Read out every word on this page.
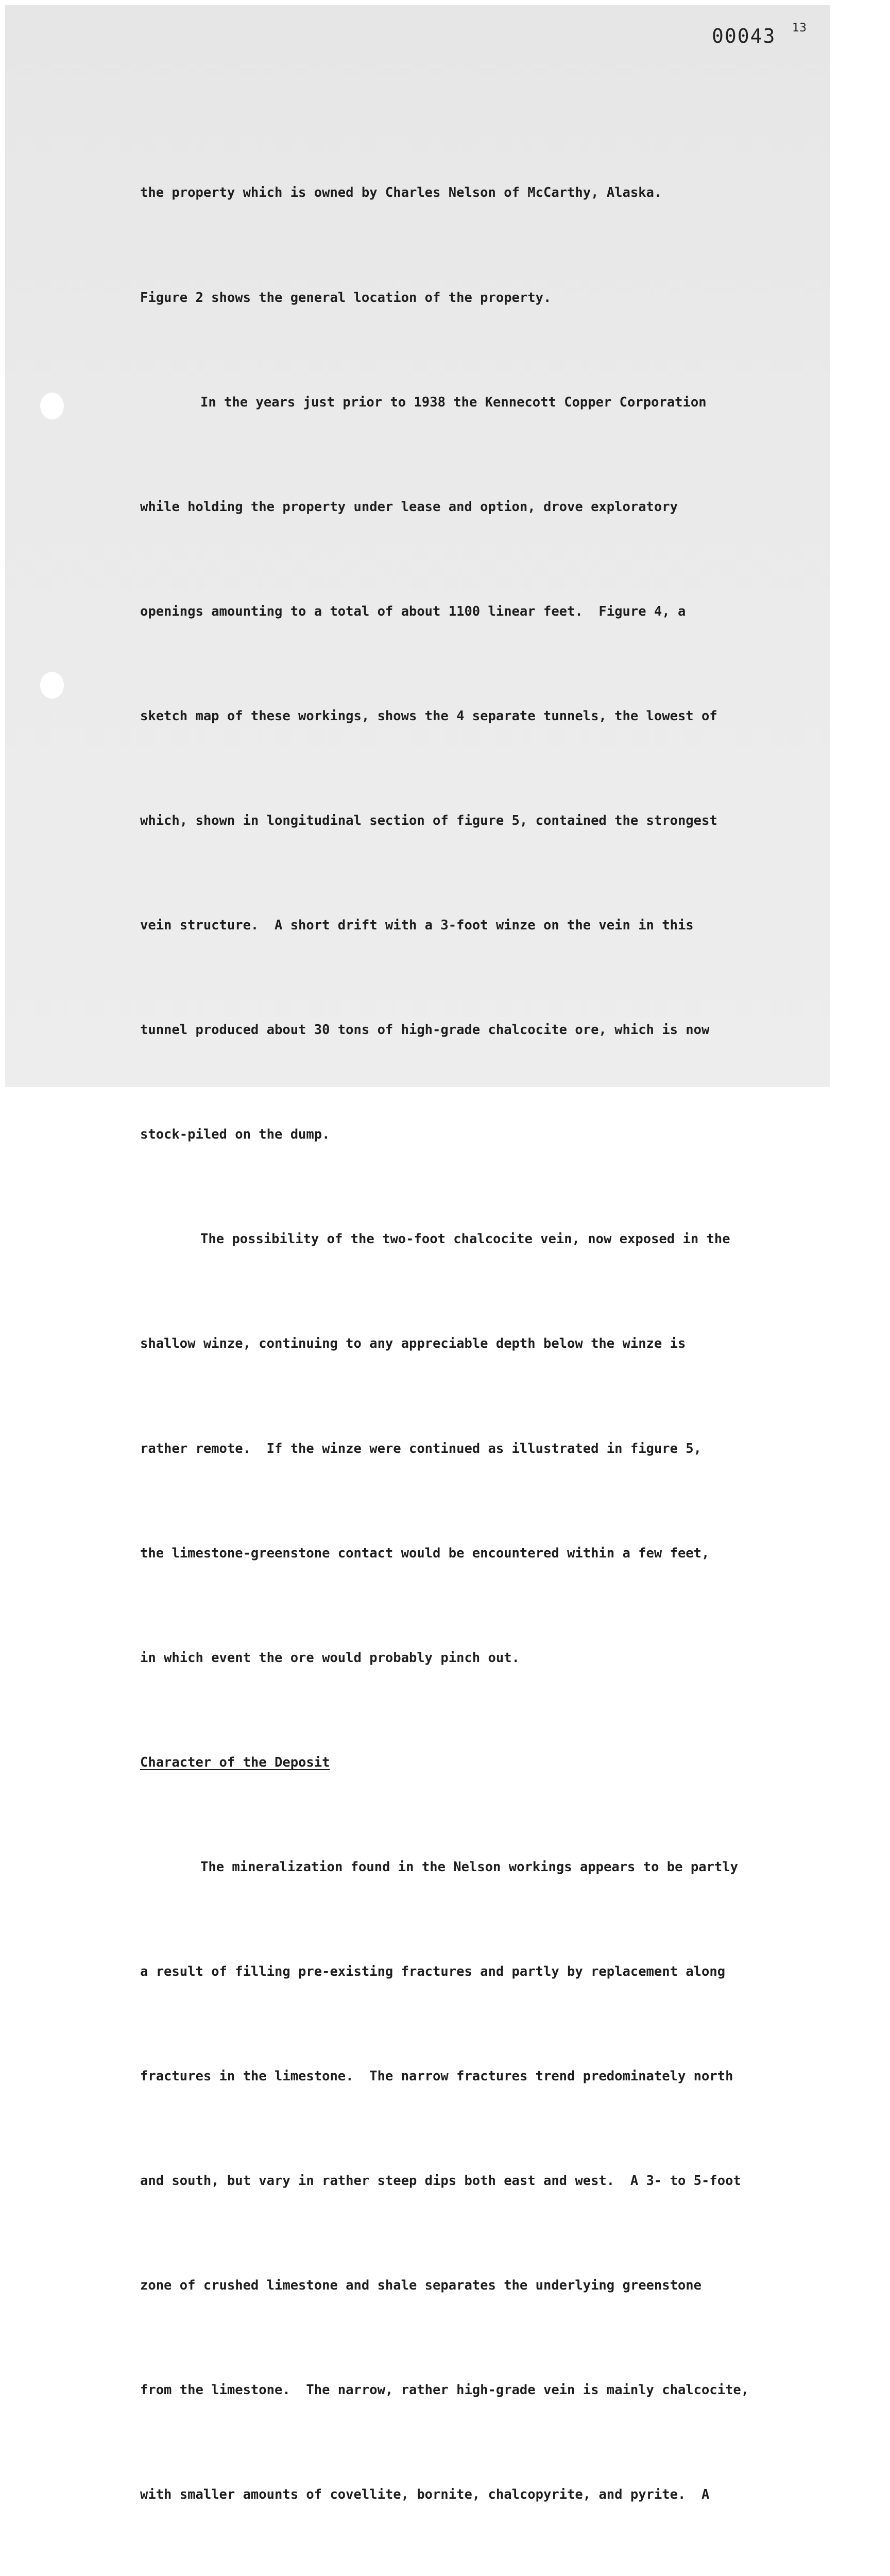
00043 13

the property which is owned by Charles Nelson of McCarthy, Alaska.

Figure 2 shows the general location of the property.

In the years just prior to 1938 the Kennecott Copper Corporation

while holding the property under lease and option, drove exploratory

openings amounting to a total of about 1100 linear feet.  Figure 4, a

sketch map of these workings, shows the 4 separate tunnels, the lowest of

which, shown in longitudinal section of figure 5, contained the strongest

vein structure.  A short drift with a 3-foot winze on the vein in this

tunnel produced about 30 tons of high-grade chalcocite ore, which is now

stock-piled on the dump.

The possibility of the two-foot chalcocite vein, now exposed in the

shallow winze, continuing to any appreciable depth below the winze is

rather remote.  If the winze were continued as illustrated in figure 5,

the limestone-greenstone contact would be encountered within a few feet,

in which event the ore would probably pinch out.

Character of the Deposit

The mineralization found in the Nelson workings appears to be partly

a result of filling pre-existing fractures and partly by replacement along

fractures in the limestone.  The narrow fractures trend predominately north

and south, but vary in rather steep dips both east and west.  A 3- to 5-foot

zone of crushed limestone and shale separates the underlying greenstone

from the limestone.  The narrow, rather high-grade vein is mainly chalcocite,

with smaller amounts of covellite, bornite, chalcopyrite, and pyrite.  A
